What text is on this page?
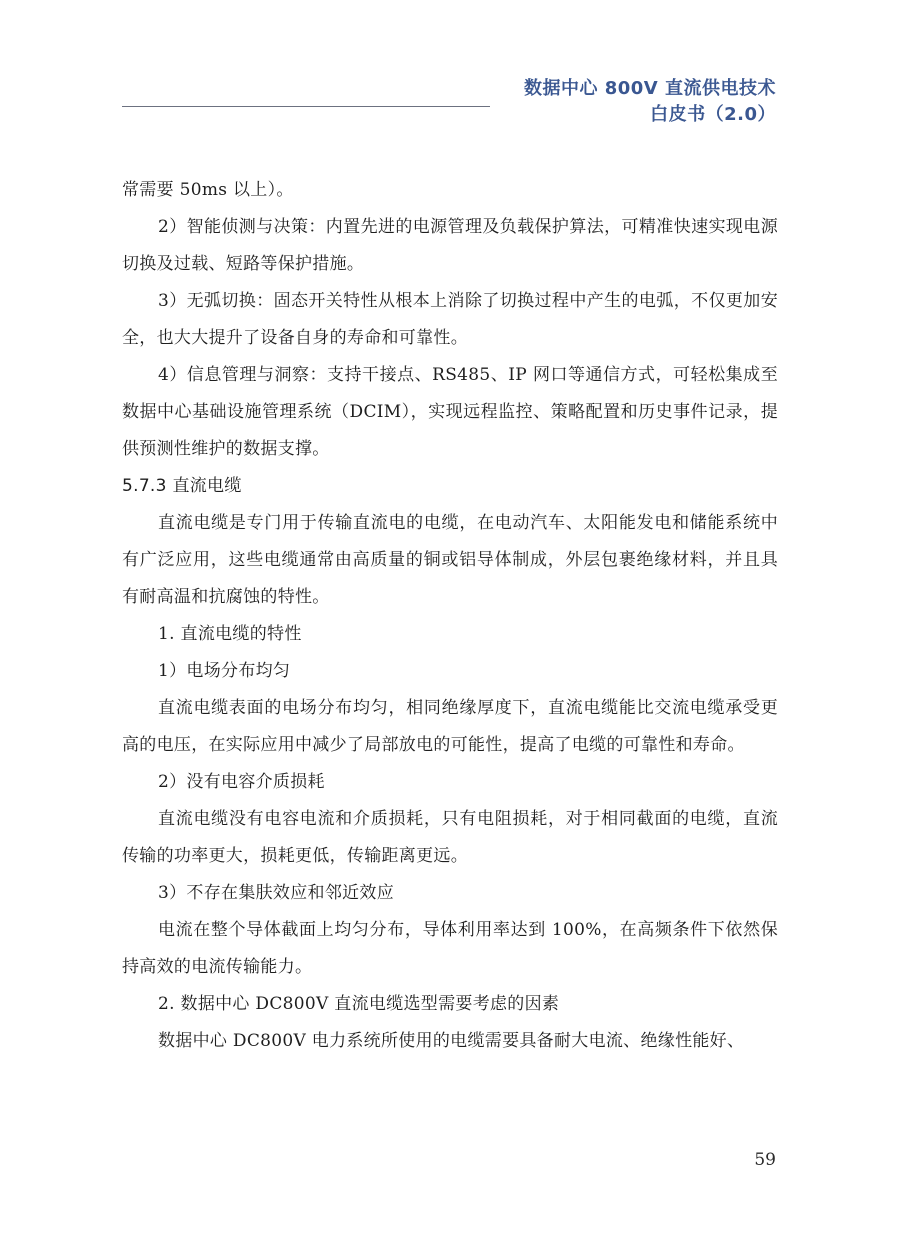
数据中心 800V 直流供电技术
白皮书（2.0）

常需要 50ms 以上）。

2）智能侦测与决策：内置先进的电源管理及负载保护算法，可精准快速实现电源切换及过载、短路等保护措施。

3）无弧切换：固态开关特性从根本上消除了切换过程中产生的电弧，不仅更加安全，也大大提升了设备自身的寿命和可靠性。

4）信息管理与洞察：支持干接点、RS485、IP 网口等通信方式，可轻松集成至数据中心基础设施管理系统（DCIM），实现远程监控、策略配置和历史事件记录，提供预测性维护的数据支撑。

5.7.3 直流电缆

直流电缆是专门用于传输直流电的电缆，在电动汽车、太阳能发电和储能系统中有广泛应用，这些电缆通常由高质量的铜或铝导体制成，外层包裹绝缘材料，并且具有耐高温和抗腐蚀的特性。

1. 直流电缆的特性

1）电场分布均匀

直流电缆表面的电场分布均匀，相同绝缘厚度下，直流电缆能比交流电缆承受更高的电压，在实际应用中减少了局部放电的可能性，提高了电缆的可靠性和寿命。

2）没有电容介质损耗

直流电缆没有电容电流和介质损耗，只有电阻损耗，对于相同截面的电缆，直流传输的功率更大，损耗更低，传输距离更远。

3）不存在集肤效应和邻近效应

电流在整个导体截面上均匀分布，导体利用率达到 100%，在高频条件下依然保持高效的电流传输能力。

2. 数据中心 DC800V 直流电缆选型需要考虑的因素

数据中心 DC800V 电力系统所使用的电缆需要具备耐大电流、绝缘性能好、

59
